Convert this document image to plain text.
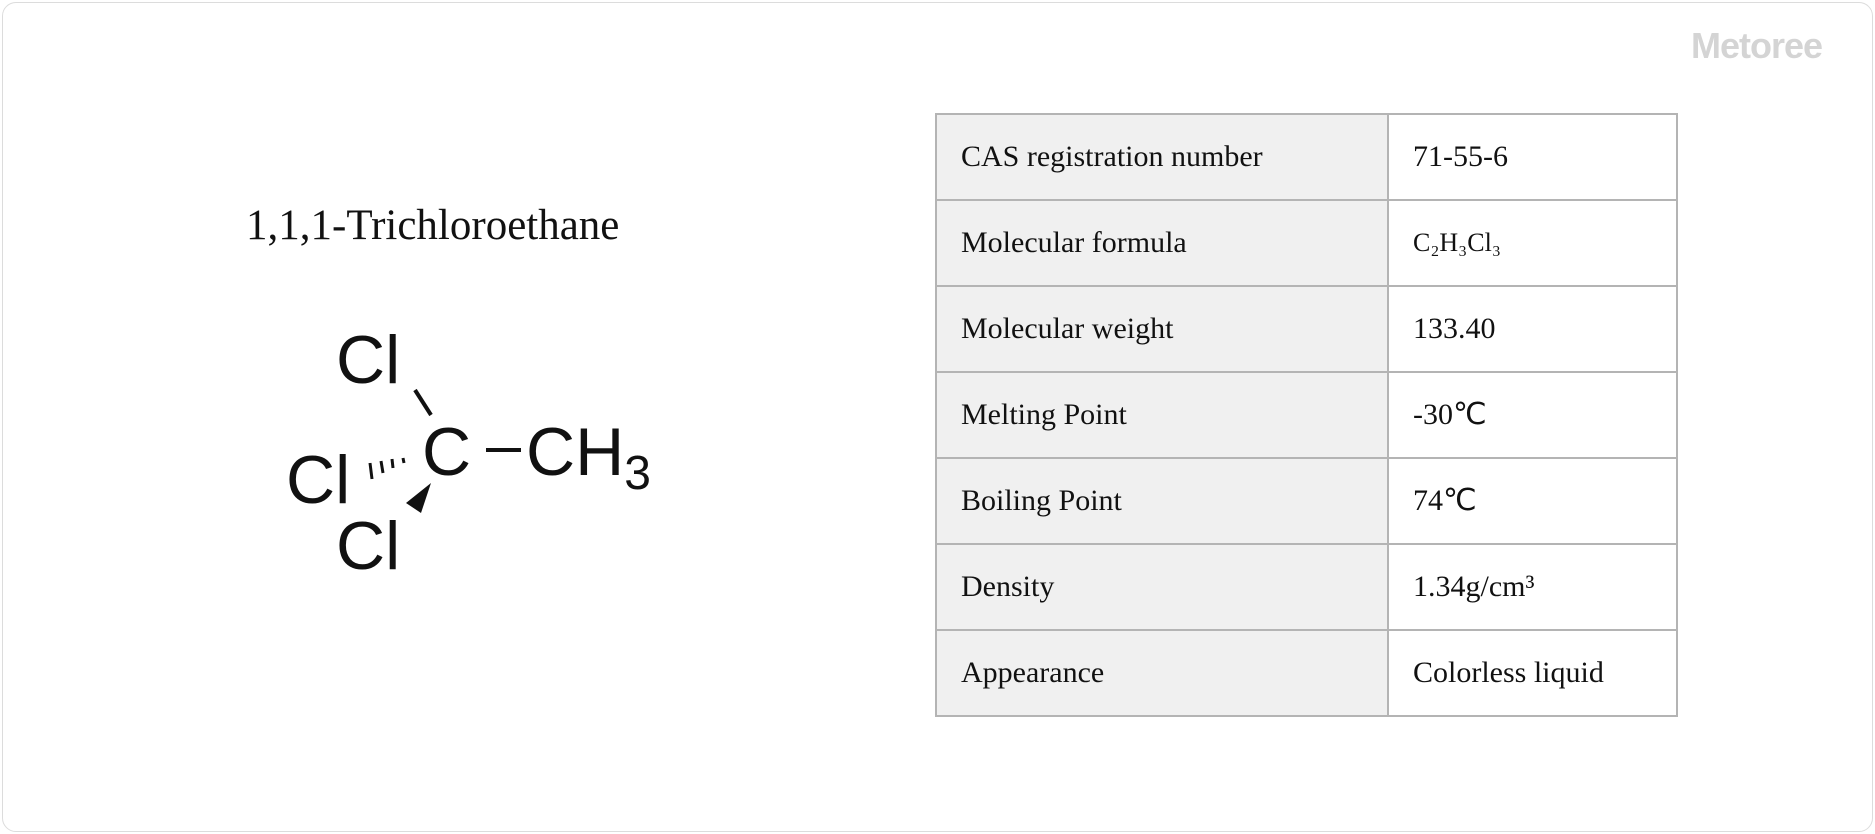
Metoree
1,1,1-Trichloroethane
Cl
C $CH_3$
Cl
Cl
CAS registration number	71-55-6
Molecular formula	C₂H₃Cl₃
Molecular weight	133.40
Melting Point	-30℃
Boiling Point	74℃
Density	1.34g/cm³
Appearance	Colorless liquid
